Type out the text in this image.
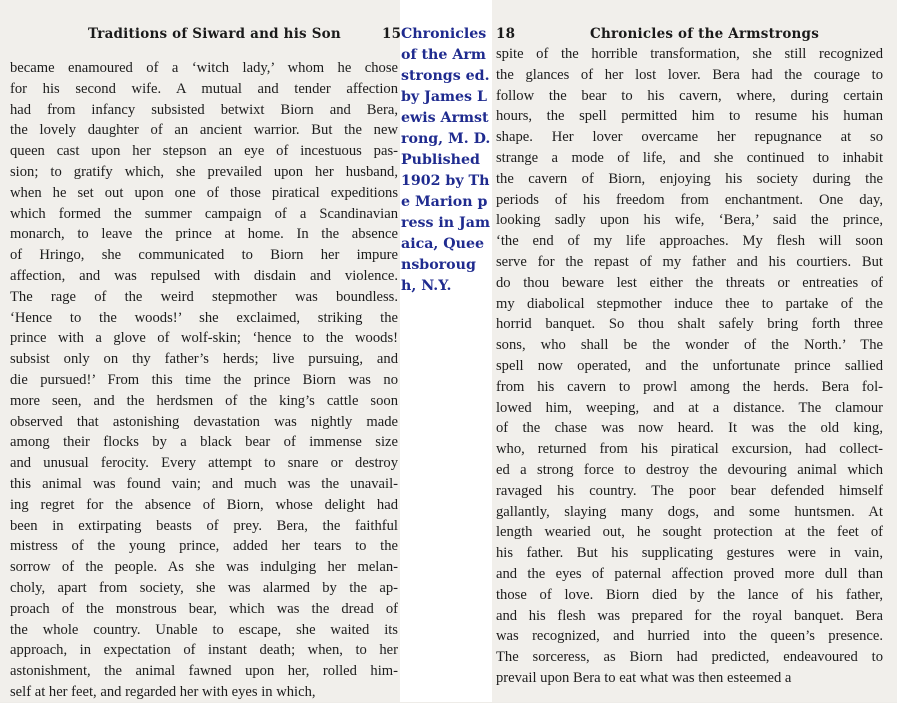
Traditions of Siward and his Son	15	18	Chronicles of the Armstrongs
Chronicles of the Armstrongs ed. by James Lewis Armstrong, M. D. Published 1902 by The Marion press in Jamaica, Queensborough, N.Y.
became enamoured of a ‘witch lady,’ whom he chose
for his second wife. A mutual and tender affection
had from infancy subsisted betwixt Biorn and Bera,
the lovely daughter of an ancient warrior. But the new
queen cast upon her stepson an eye of incestuous pas-
sion; to gratify which, she prevailed upon her husband,
when he set out upon one of those piratical expeditions
which formed the summer campaign of a Scandinavian
monarch, to leave the prince at home. In the absence
of Hringo, she communicated to Biorn her impure
affection, and was repulsed with disdain and violence.
The rage of the weird stepmother was boundless.
‘Hence to the woods!’ she exclaimed, striking the
prince with a glove of wolf-skin; ‘hence to the woods!
subsist only on thy father’s herds; live pursuing, and
die pursued!’ From this time the prince Biorn was no
more seen, and the herdsmen of the king’s cattle soon
observed that astonishing devastation was nightly made
among their flocks by a black bear of immense size
and unusual ferocity. Every attempt to snare or destroy
this animal was found vain; and much was the unavail-
ing regret for the absence of Biorn, whose delight had
been in extirpating beasts of prey. Bera, the faithful
mistress of the young prince, added her tears to the
sorrow of the people. As she was indulging her melan-
choly, apart from society, she was alarmed by the ap-
proach of the monstrous bear, which was the dread of
the whole country. Unable to escape, she waited its
approach, in expectation of instant death; when, to her
astonishment, the animal fawned upon her, rolled him-
self at her feet, and regarded her with eyes in which,
spite of the horrible transformation, she still recognized
the glances of her lost lover. Bera had the courage to
follow the bear to his cavern, where, during certain
hours, the spell permitted him to resume his human
shape. Her lover overcame her repugnance at so
strange a mode of life, and she continued to inhabit
the cavern of Biorn, enjoying his society during the
periods of his freedom from enchantment. One day,
looking sadly upon his wife, ‘Bera,’ said the prince,
‘the end of my life approaches. My flesh will soon
serve for the repast of my father and his courtiers. But
do thou beware lest either the threats or entreaties of
my diabolical stepmother induce thee to partake of the
horrid banquet. So thou shalt safely bring forth three
sons, who shall be the wonder of the North.’ The
spell now operated, and the unfortunate prince sallied
from his cavern to prowl among the herds. Bera fol-
lowed him, weeping, and at a distance. The clamour
of the chase was now heard. It was the old king,
who, returned from his piratical excursion, had collect-
ed a strong force to destroy the devouring animal which
ravaged his country. The poor bear defended himself
gallantly, slaying many dogs, and some huntsmen. At
length wearied out, he sought protection at the feet of
his father. But his supplicating gestures were in vain,
and the eyes of paternal affection proved more dull than
those of love. Biorn died by the lance of his father,
and his flesh was prepared for the royal banquet. Bera
was recognized, and hurried into the queen’s presence.
The sorceress, as Biorn had predicted, endeavoured to
prevail upon Bera to eat what was then esteemed a
